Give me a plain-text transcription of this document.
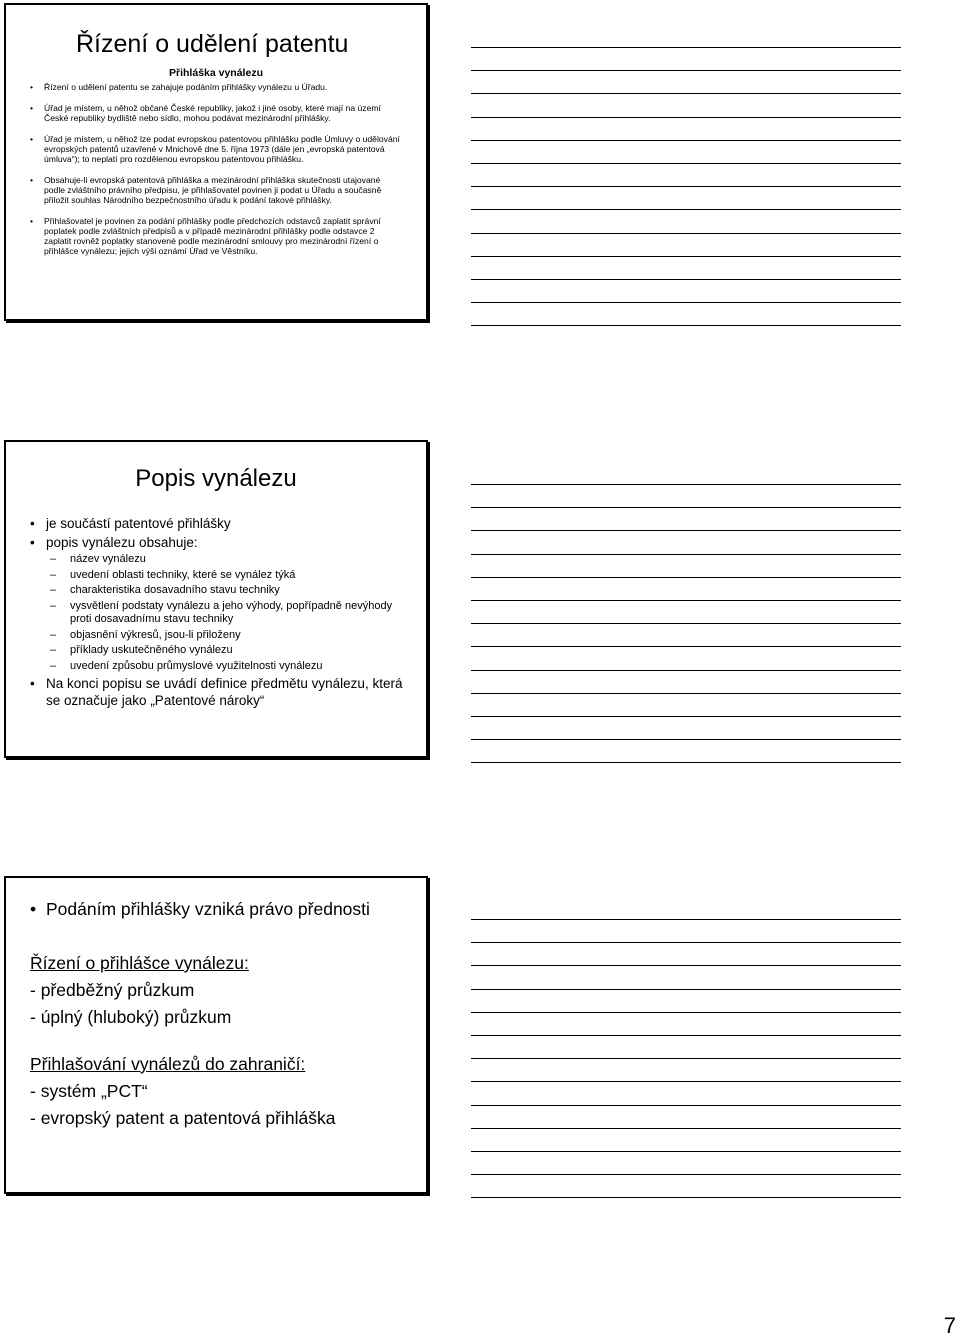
Řízení o udělení patentu
Přihláška vynálezu
• Řízení o udělení patentu se zahajuje podáním přihlášky vynálezu u Úřadu.
• Úřad je místem, u něhož občané České republiky, jakož i jiné osoby, které mají na území České republiky bydliště nebo sídlo, mohou podávat mezinárodní přihlášky.
• Úřad je místem, u něhož lze podat evropskou patentovou přihlášku podle Úmluvy o udělování evropských patentů uzavřené v Mnichově dne 5. října 1973 (dále jen „evropská patentová úmluva“); to neplatí pro rozdělenou evropskou patentovou přihlášku.
• Obsahuje-li evropská patentová přihláška a mezinárodní přihláška skutečnosti utajované podle zvláštního právního předpisu, je přihlašovatel povinen ji podat u Úřadu a současně přiložit souhlas Národního bezpečnostního úřadu k podání takové přihlášky.
• Přihlašovatel je povinen za podání přihlášky podle předchozích odstavců zaplatit správní poplatek podle zvláštních předpisů a v případě mezinárodní přihlášky podle odstavce 2 zaplatit rovněž poplatky stanovené podle mezinárodní smlouvy pro mezinárodní řízení o přihlášce vynálezu; jejich výši oznámí Úřad ve Věstníku.
Popis vynálezu
• je součástí patentové přihlášky
• popis vynálezu obsahuje:
– název vynálezu
– uvedení oblasti techniky, které se vynález týká
– charakteristika dosavadního stavu techniky
– vysvětlení podstaty vynálezu a jeho výhody, popřípadně nevýhody proti dosavadnímu stavu techniky
– objasnění výkresů, jsou-li přiloženy
– příklady uskutečněného vynálezu
– uvedení způsobu průmyslové využitelnosti vynálezu
• Na konci popisu se uvádí definice předmětu vynálezu, která se označuje jako „Patentové nároky“
• Podáním přihlášky vzniká právo přednosti

Řízení o přihlášce vynálezu:

- předběžný průzkum

- úplný (hluboký) průzkum

Přihlašování vynálezů do zahraničí:

- systém „PCT“

- evropský patent a patentová přihláška

7
